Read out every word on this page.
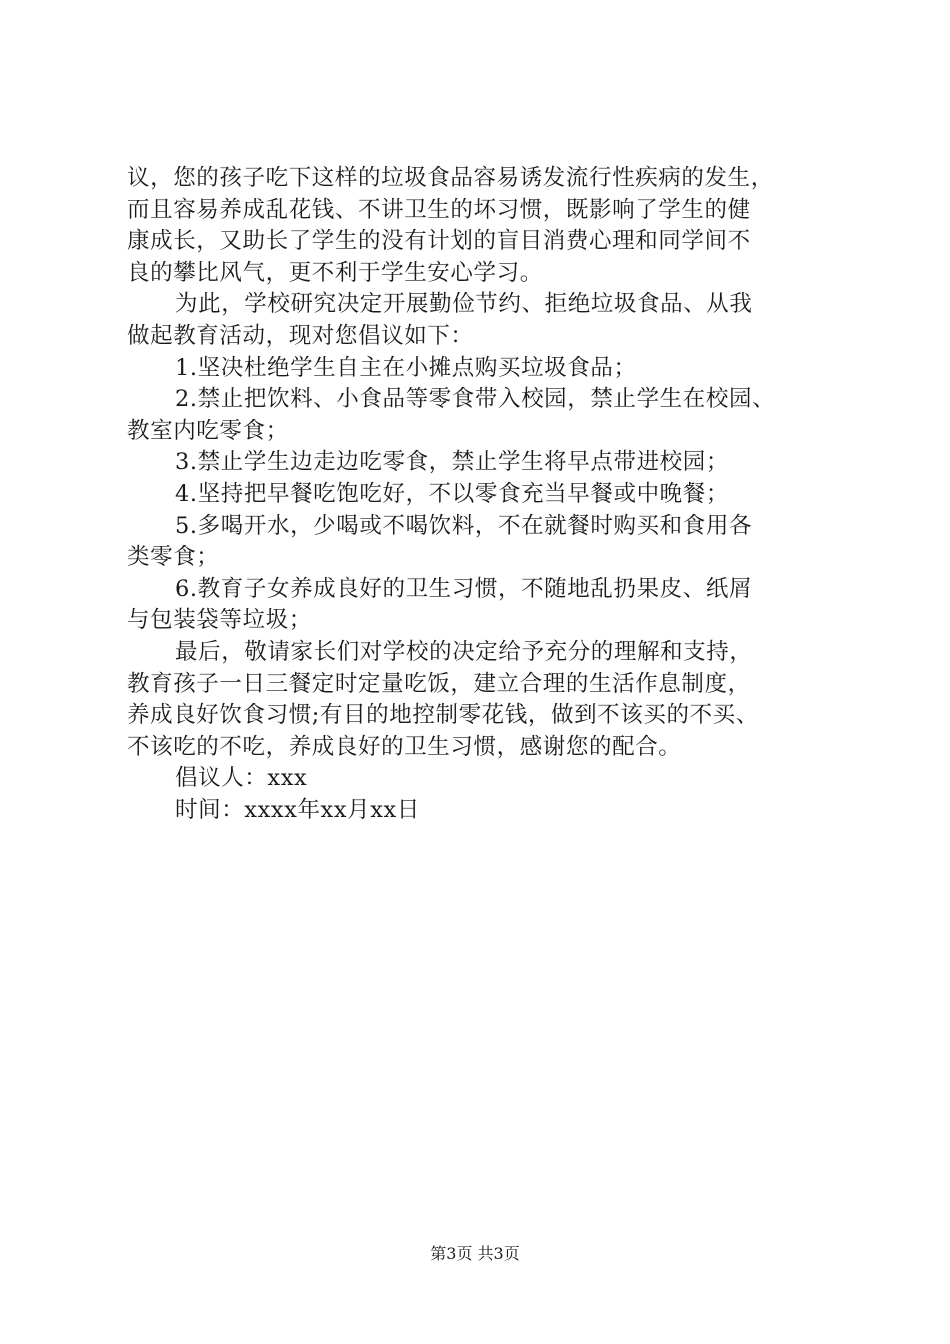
议，您的孩子吃下这样的垃圾食品容易诱发流行性疾病的发生，
而且容易养成乱花钱、不讲卫生的坏习惯，既影响了学生的健
康成长，又助长了学生的没有计划的盲目消费心理和同学间不
良的攀比风气，更不利于学生安心学习。
为此，学校研究决定开展勤俭节约、拒绝垃圾食品、从我
做起教育活动，现对您倡议如下：
1.坚决杜绝学生自主在小摊点购买垃圾食品；
2.禁止把饮料、小食品等零食带入校园，禁止学生在校园、
教室内吃零食；
3.禁止学生边走边吃零食，禁止学生将早点带进校园；
4.坚持把早餐吃饱吃好，不以零食充当早餐或中晚餐；
5.多喝开水，少喝或不喝饮料，不在就餐时购买和食用各
类零食；
6.教育子女养成良好的卫生习惯，不随地乱扔果皮、纸屑
与包装袋等垃圾；
最后，敬请家长们对学校的决定给予充分的理解和支持，
教育孩子一日三餐定时定量吃饭，建立合理的生活作息制度，
养成良好饮食习惯;有目的地控制零花钱，做到不该买的不买、
不该吃的不吃，养成良好的卫生习惯，感谢您的配合。
倡议人：xxx
时间：xxxx年xx月xx日
第3页 共3页
